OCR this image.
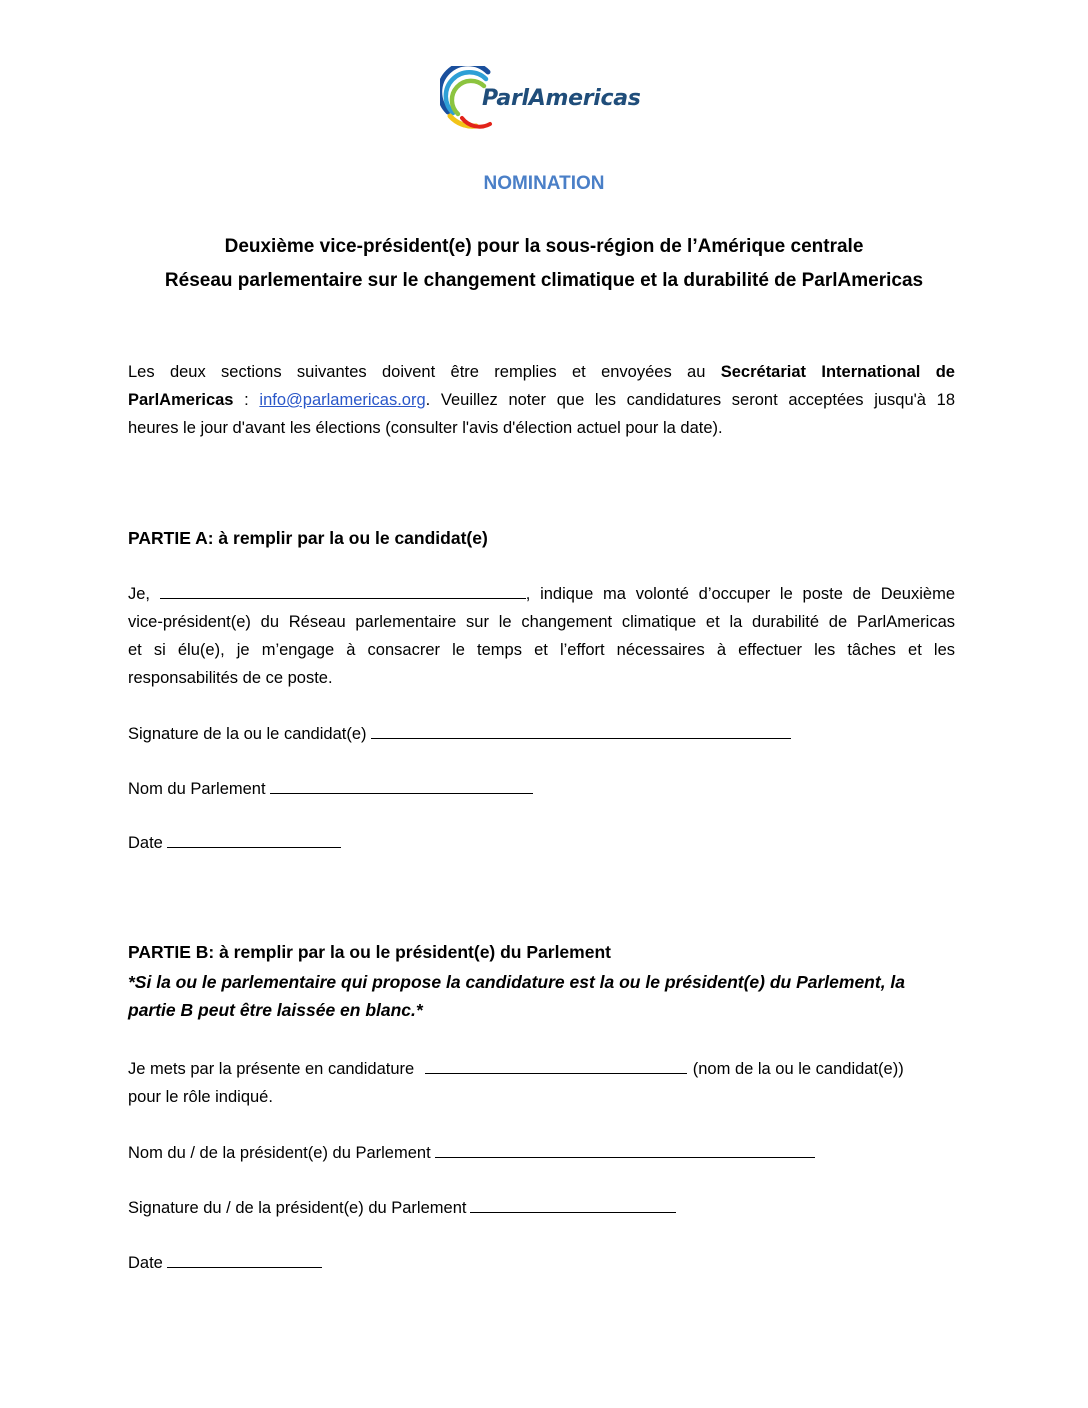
ParlAmericas
NOMINATION
Deuxième vice-président(e) pour la sous-région de l’Amérique centrale
Réseau parlementaire sur le changement climatique et la durabilité de ParlAmericas
Les deux sections suivantes doivent être remplies et envoyées au Secrétariat International de
ParlAmericas : info@parlamericas.org. Veuillez noter que les candidatures seront acceptées jusqu'à 18
heures le jour d'avant les élections (consulter l'avis d'élection actuel pour la date).
PARTIE A: à remplir par la ou le candidat(e)
Je,	, indique ma volonté d’occuper le poste de Deuxième
vice-président(e) du Réseau parlementaire sur le changement climatique et la durabilité de ParlAmericas
et si élu(e), je m’engage à consacrer le temps et l’effort nécessaires à effectuer les tâches et les
responsabilités de ce poste.
Signature de la ou le candidat(e)
Nom du Parlement
Date
PARTIE B: à remplir par la ou le président(e) du Parlement
*Si la ou le parlementaire qui propose la candidature est la ou le président(e) du Parlement, la
partie B peut être laissée en blanc.*
Je mets par la présente en candidature	(nom de la ou le candidat(e))
pour le rôle indiqué.
Nom du / de la président(e) du Parlement
Signature du / de la président(e) du Parlement
Date
